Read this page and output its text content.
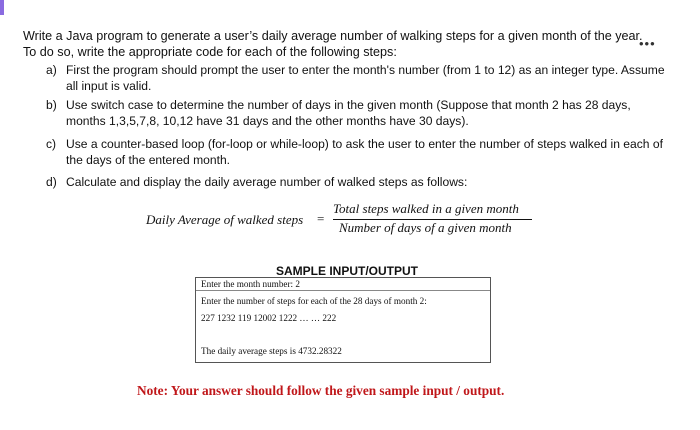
Write a Java program to generate a user’s daily average number of walking steps for a given month of the year. To do so, write the appropriate code for each of the following steps:
•••
a) First the program should prompt the user to enter the month's number (from 1 to 12) as an integer type. Assume all input is valid.
b) Use switch case to determine the number of days in the given month (Suppose that month 2 has 28 days, months 1,3,5,7,8, 10,12 have 31 days and the other months have 30 days).
c) Use a counter-based loop (for-loop or while-loop) to ask the user to enter the number of steps walked in each of the days of the entered month.
d) Calculate and display the daily average number of walked steps as follows:
Daily Average of walked steps =
Total steps walked in a given month
Number of days of a given month
SAMPLE INPUT/OUTPUT
Enter the month number: 2
Enter the number of steps for each of the 28 days of month 2:
227 1232 119 12002 1222 … … 222
The daily average steps is 4732.28322
Note: Your answer should follow the given sample input / output.
